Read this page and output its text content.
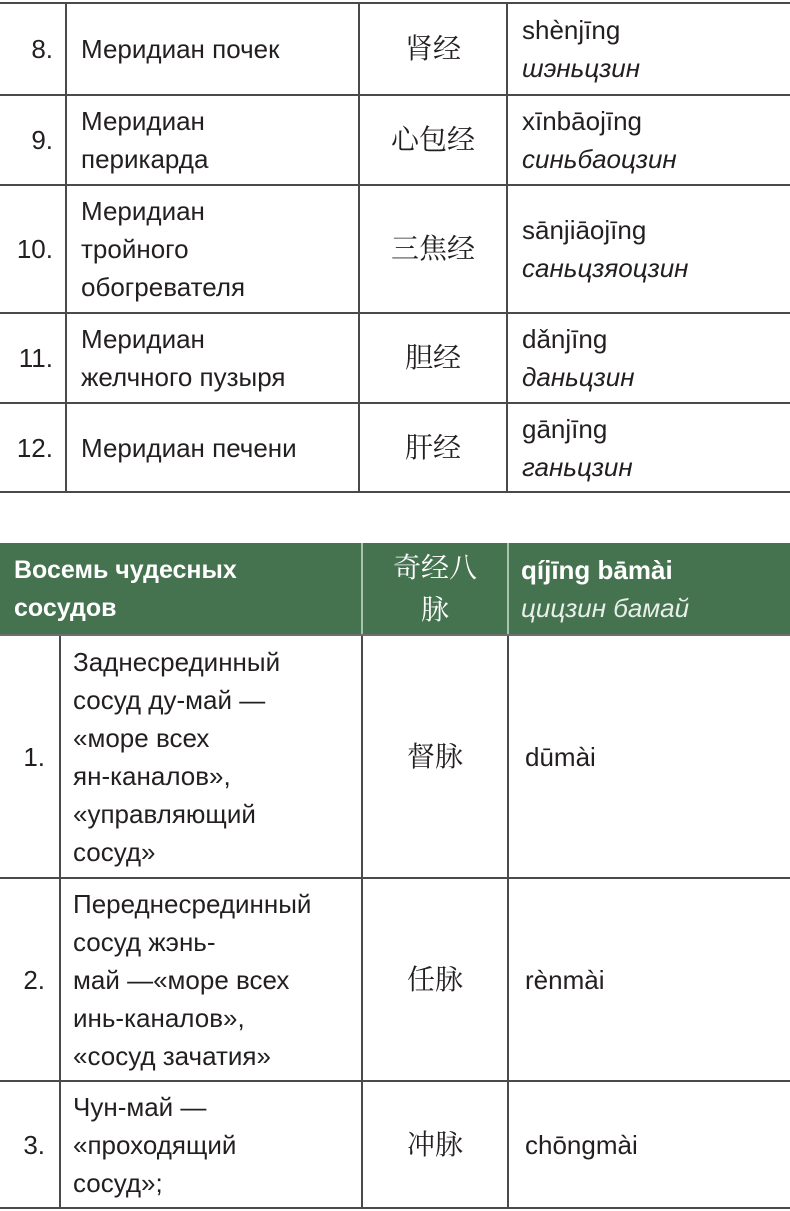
8.	Меридиан почек	肾经	shènjīng
шэньцзин

9.	Меридиан
перикарда	心包经	xīnbāojīng
синьбаоцзин

10.	Меридиан
тройного
обогревателя	三焦经	sānjiāojīng
саньцзяоцзин

11.	Меридиан
желчного пузыря	胆经	dǎnjīng
даньцзин

12.	Меридиан печени	肝经	gānjīng
ганьцзин
Восемь чудесных
сосудов		奇经八
脉	qíjīng bāmài
цицзин бамай

1.	Заднесрединный
сосуд ду-май —
«море всех
ян-каналов»,
«управляющий
сосуд»	督脉	dūmài
2.	Переднесрединный
сосуд жэнь-
май —«море всех
инь-каналов»,
«сосуд зачатия»	任脉	rènmài
3.	Чун-май —
«проходящий
сосуд»;	冲脉	chōngmài
